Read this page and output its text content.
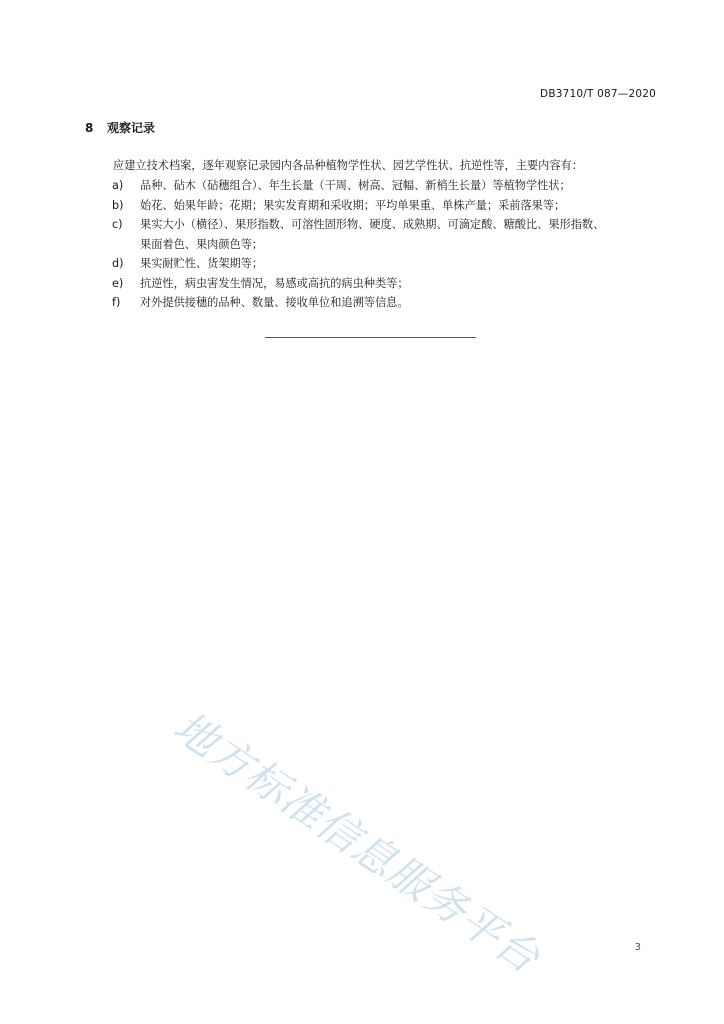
DB3710/T 087—2020
8 观察记录
应建立技术档案，逐年观察记录园内各品种植物学性状、园艺学性状、抗逆性等，主要内容有：
a)	品种、砧木（砧穗组合）、年生长量（干周、树高、冠幅、新梢生长量）等植物学性状；
b)	始花、始果年龄；花期；果实发育期和采收期；平均单果重、单株产量；采前落果等；
c)	果实大小（横径）、果形指数、可溶性固形物、硬度、成熟期、可滴定酸、糖酸比、果形指数、
果面着色、果肉颜色等；
d)	果实耐贮性、货架期等；
e)	抗逆性，病虫害发生情况，易感或高抗的病虫种类等；
f)	对外提供接穗的品种、数量、接收单位和追溯等信息。
地方标准信息服务平台	3
